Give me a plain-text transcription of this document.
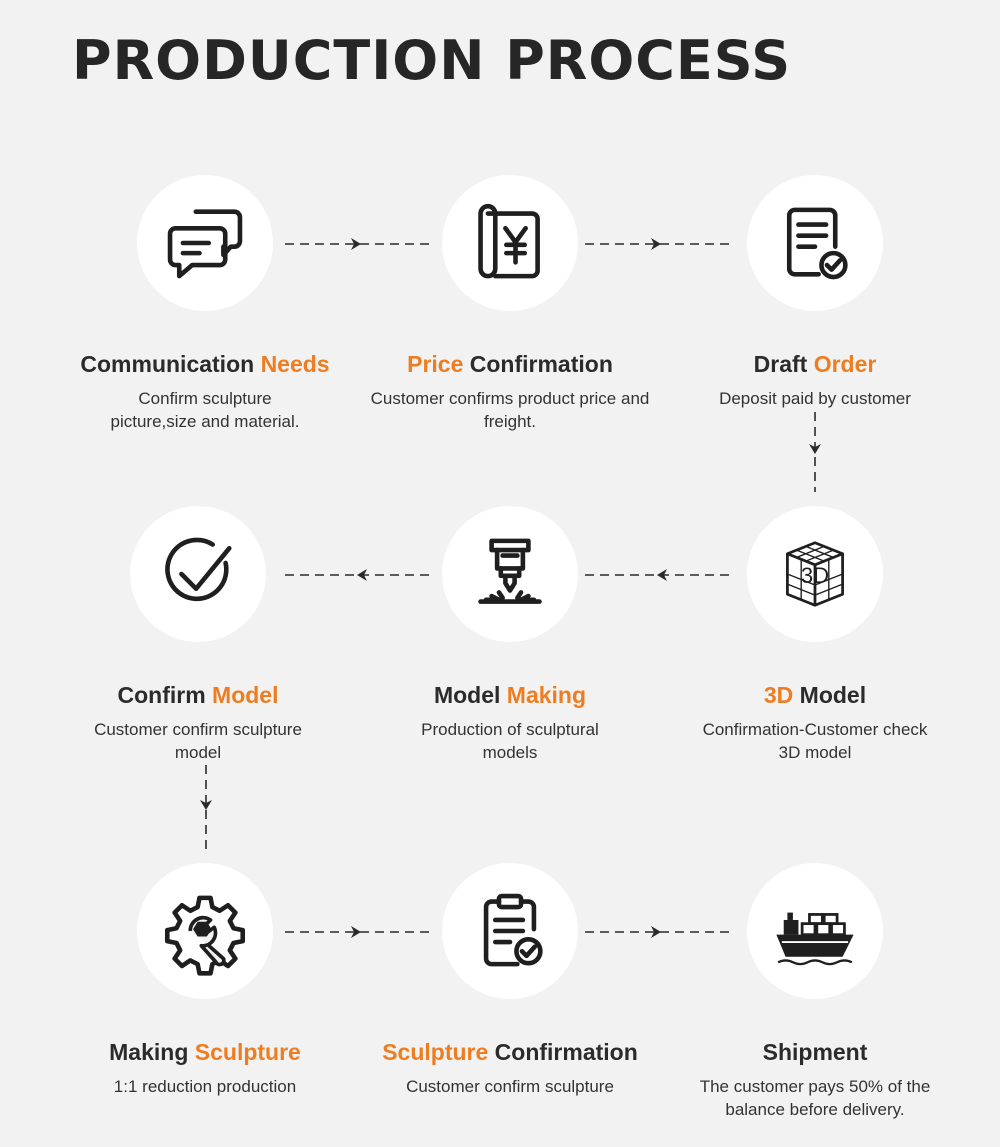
PRODUCTION PROCESS
Communication Needs
Confirm sculpture picture,size and material.
Price Confirmation
Customer confirms product price and freight.
Draft Order
Deposit paid by customer
3D
3D Model
Confirmation-Customer check 3D model
Model Making
Production of sculptural models
Confirm Model
Customer confirm sculpture model
Making Sculpture
1:1 reduction production
Sculpture Confirmation
Customer confirm sculpture
Shipment
The customer pays 50% of the balance before delivery.
